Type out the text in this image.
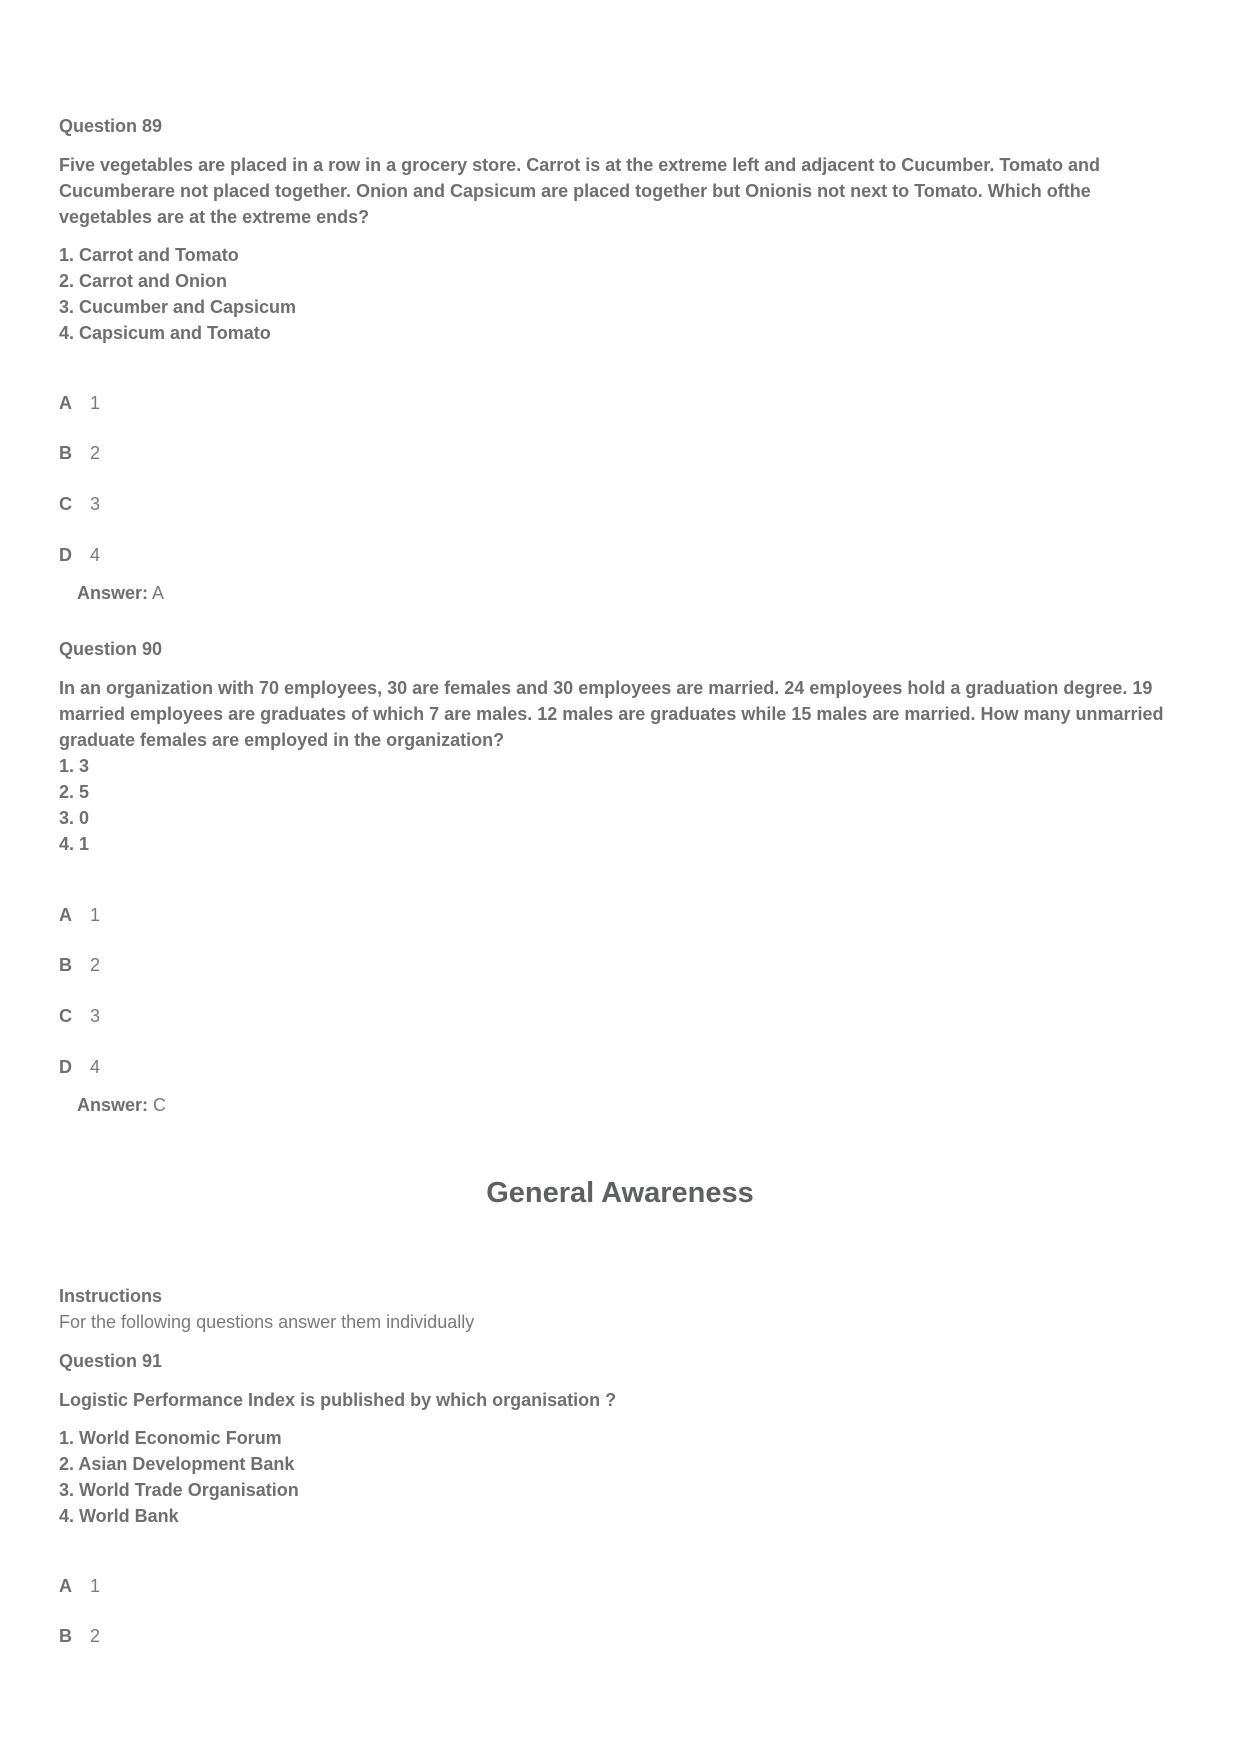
Question 89
Five vegetables are placed in a row in a grocery store. Carrot is at the extreme left and adjacent to Cucumber. Tomato and Cucumberare not placed together. Onion and Capsicum are placed together but Onionis not next to Tomato. Which ofthe vegetables are at the extreme ends?
1. Carrot and Tomato
2. Carrot and Onion
3. Cucumber and Capsicum
4. Capsicum and Tomato
A 1
B 2
C 3
D 4
Answer: A
Question 90
In an organization with 70 employees, 30 are females and 30 employees are married. 24 employees hold a graduation degree. 19 married employees are graduates of which 7 are males. 12 males are graduates while 15 males are married. How many unmarried graduate females are employed in the organization?
1. 3
2. 5
3. 0
4. 1
A 1
B 2
C 3
D 4
Answer: C
General Awareness
Instructions
For the following questions answer them individually
Question 91
Logistic Performance Index is published by which organisation ?
1. World Economic Forum
2. Asian Development Bank
3. World Trade Organisation
4. World Bank
A 1
B 2
